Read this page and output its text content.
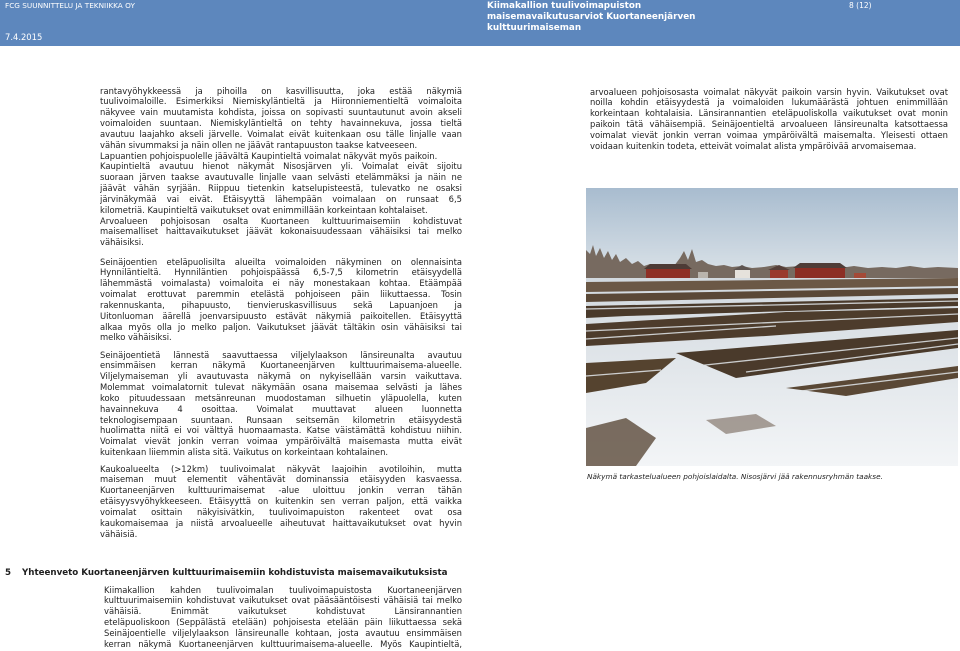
FCG SUUNNITTELU JA TEKNIIKKA OY
7.4.2015
Kiimakallion tuulivoimapuiston
maisemavaikutusarviot Kuortaneenjärven
kulttuurimaiseman
8 (12)
rantavyöhykkeessä ja pihoilla on kasvillisuutta, joka estää näkymiä
tuulivoimaloille. Esimerkiksi Niemiskyläntieltä ja Hiironniementieltä voimaloita
näkyvee vain muutamista kohdista, joissa on sopivasti suuntautunut avoin akseli
voimaloiden suuntaan. Niemiskyläntieltä on tehty havainnekuva, jossa tieltä
avautuu laajahko akseli järvelle. Voimalat eivät kuitenkaan osu tälle linjalle vaan
vähän sivummaksi ja näin ollen ne jäävät rantapuuston taakse katveeseen.
Lapuantien pohjoispuolelle jäävältä Kaupintieltä voimalat näkyvät myös paikoin.
Kaupintieltä avautuu hienot näkymät Nisosjärven yli. Voimalat eivät sijoitu
suoraan järven taakse avautuvalle linjalle vaan selvästi etelämmäksi ja näin ne
jäävät vähän syrjään. Riippuu tietenkin katselupisteestä, tulevatko ne osaksi
järvinäkymää vai eivät. Etäisyyttä lähempään voimalaan on runsaat 6,5
kilometriä. Kaupintieltä vaikutukset ovat enimmillään korkeintaan kohtalaiset.
Arvoalueen pohjoisosan osalta Kuortaneen kulttuurimaisemiin kohdistuvat
maisemalliset haittavaikutukset jäävät kokonaisuudessaan vähäisiksi tai melko
vähäisiksi.
Seinäjoentien eteläpuolisilta alueilta voimaloiden näkyminen on olennaisinta
Hynniläntieltä. Hynniläntien pohjoispäässä 6,5-7,5 kilometrin etäisyydellä
lähemmästä voimalasta) voimaloita ei näy monestakaan kohtaa. Etäämpää
voimalat erottuvat paremmin etelästä pohjoiseen päin liikuttaessa. Tosin
rakennuskanta, pihapuusto, tienvieruskasvillisuus sekä Lapuanjoen ja
Uitonluoman äärellä joenvarsipuusto estävät näkymiä paikoitellen. Etäisyyttä
alkaa myös olla jo melko paljon. Vaikutukset jäävät tältäkin osin vähäisiksi tai
melko vähäisiksi.
Seinäjoentietä lännestä saavuttaessa viljelylaakson länsireunalta avautuu
ensimmäisen kerran näkymä Kuortaneenjärven kulttuurimaisema-alueelle.
Viljelymaiseman yli avautuvasta näkymä on nykyisellään varsin vaikuttava.
Molemmat voimalatornit tulevat näkymään osana maisemaa selvästi ja lähes
koko pituudessaan metsänreunan muodostaman silhuetin yläpuolella, kuten
havainnekuva 4 osoittaa. Voimalat muuttavat alueen luonnetta
teknologisempaan suuntaan. Runsaan seitsemän kilometrin etäisyydestä
huolimatta niitä ei voi välttyä huomaamasta. Katse väistämättä kohdistuu niihin.
Voimalat vievät jonkin verran voimaa ympäröivältä maisemasta mutta eivät
kuitenkaan liiemmin alista sitä. Vaikutus on korkeintaan kohtalainen.
Kaukoalueelta (>12km) tuulivoimalat näkyvät laajoihin avotiloihin, mutta
maiseman muut elementit vähentävät dominanssia etäisyyden kasvaessa.
Kuortaneenjärven kulttuurimaisemat -alue uloittuu jonkin verran tähän
etäisyysvyöhykkeeseen. Etäisyyttä on kuitenkin sen verran paljon, että vaikka
voimalat osittain näkyisivätkin, tuulivoimapuiston rakenteet ovat osa
kaukomaisemaa ja niistä arvoalueelle aiheutuvat haittavaikutukset ovat hyvin
vähäisiä.
arvoalueen pohjoisosasta voimalat näkyvät paikoin varsin hyvin. Vaikutukset ovat
noilla kohdin etäisyydestä ja voimaloiden lukumäärästä johtuen enimmillään
korkeintaan kohtalaisia. Länsirannantien eteläpuoliskolla vaikutukset ovat monin
paikoin tätä vähäisempiä. Seinäjoentieltä arvoalueen länsireunalta katsottaessa
voimalat vievät jonkin verran voimaa ympäröivältä maisemalta. Yleisesti ottaen
voidaan kuitenkin todeta, etteivät voimalat alista ympäröivää arvomaisemaa.
Näkymä tarkastelualueen pohjoislaidalta. Nisosjärvi jää rakennusryhmän taakse.
5 Yhteenveto Kuortaneenjärven kulttuurimaisemiin kohdistuvista maisemavaikutuksista
Kiimakallion kahden tuulivoimalan tuulivoimapuistosta Kuortaneenjärven
kulttuurimaisemiin kohdistuvat vaikutukset ovat pääsääntöisesti vähäisiä tai melko
vähäisiä. Enimmät vaikutukset kohdistuvat Länsirannantien
eteläpuoliskoon (Seppälästä etelään) pohjoisesta etelään päin liikuttaessa sekä
Seinäjoentielle viljelylaakson länsireunalle kohtaan, josta avautuu ensimmäisen
kerran näkymä Kuortaneenjärven kulttuurimaisema-alueelle. Myös Kaupintieltä,
